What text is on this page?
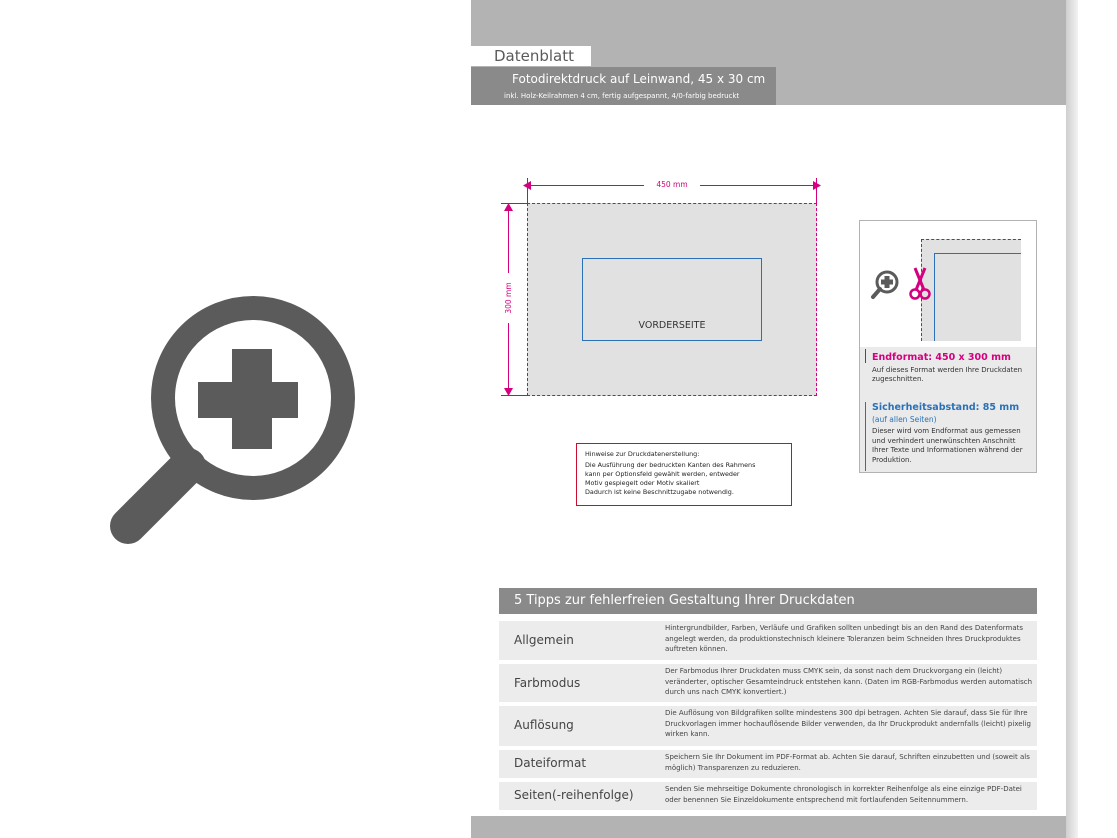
Datenblatt
Fotodirektdruck auf Leinwand, 45 x 30 cm
inkl. Holz-Keilrahmen 4 cm, fertig aufgespannt, 4/0-farbig bedruckt
450 mm
300 mm
VORDERSEITE
Hinweise zur Druckdatenerstellung:
Die Ausführung der bedruckten Kanten des Rahmens
kann per Optionsfeld gewählt werden, entweder
Motiv gespiegelt oder Motiv skaliert
Dadurch ist keine Beschnittzugabe notwendig.
Endformat: 450 x 300 mm
Auf dieses Format werden Ihre Druckdaten zugeschnitten.
Sicherheitsabstand: 85 mm
(auf allen Seiten)
Dieser wird vom Endformat aus gemessen und verhindert unerwünschten Anschnitt Ihrer Texte und Informationen während der Produktion.
5 Tipps zur fehlerfreien Gestaltung Ihrer Druckdaten
Allgemein
Hintergrundbilder, Farben, Verläufe und Grafiken sollten unbedingt bis an den Rand des Datenformats angelegt werden, da produktionstechnisch kleinere Toleranzen beim Schneiden Ihres Druckproduktes auftreten können.
Farbmodus
Der Farbmodus Ihrer Druckdaten muss CMYK sein, da sonst nach dem Druckvorgang ein (leicht) veränderter, optischer Gesamteindruck entstehen kann. (Daten im RGB-Farbmodus werden automatisch durch uns nach CMYK konvertiert.)
Auflösung
Die Auflösung von Bildgrafiken sollte mindestens 300 dpi betragen. Achten Sie darauf, dass Sie für Ihre Druckvorlagen immer hochauflösende Bilder verwenden, da Ihr Druckprodukt andernfalls (leicht) pixelig wirken kann.
Dateiformat	Speichern Sie Ihr Dokument im PDF-Format ab. Achten Sie darauf, Schriften einzubetten und (soweit als möglich) Transparenzen zu reduzieren.
Seiten(-reihenfolge)	Senden Sie mehrseitige Dokumente chronologisch in korrekter Reihenfolge als eine einzige PDF-Datei oder benennen Sie Einzeldokumente entsprechend mit fortlaufenden Seitennummern.
